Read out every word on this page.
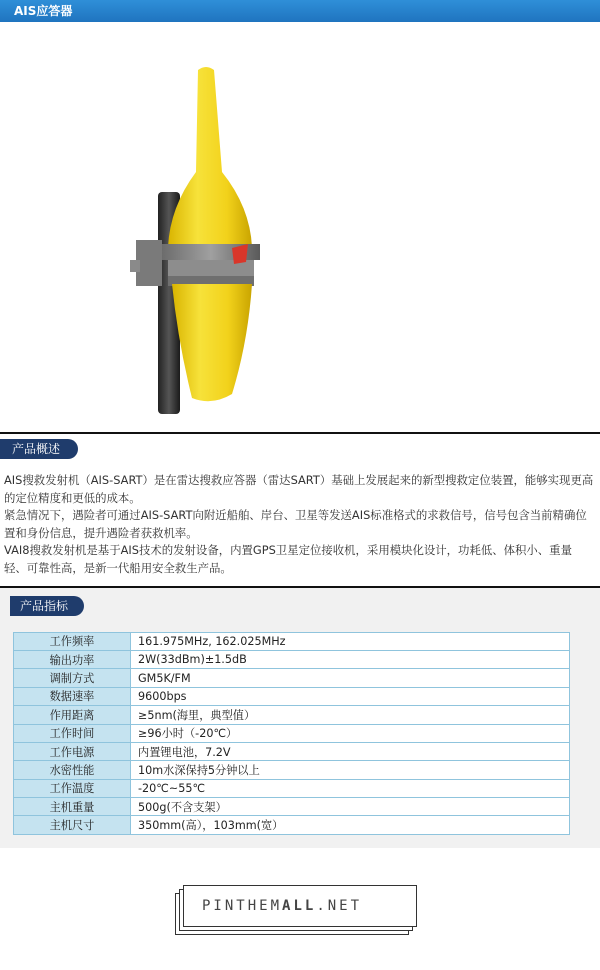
AIS应答器
产品概述

AIS搜救发射机（AIS-SART）是在雷达搜救应答器（雷达SART）基础上发展起来的新型搜救定位装置，能够实现更高的定位精度和更低的成本。

紧急情况下，遇险者可通过AIS-SART向附近船舶、岸台、卫星等发送AIS标准格式的求救信号，信号包含当前精确位置和身份信息，提升遇险者获救机率。

VAI8搜救发射机是基于AIS技术的发射设备，内置GPS卫星定位接收机，采用模块化设计，功耗低、体积小、重量轻、可靠性高，是新一代船用安全救生产品。

产品指标
工作频率	161.975MHz, 162.025MHz
输出功率	2W(33dBm)±1.5dB
调制方式	GM5K/FM
数据速率	9600bps
作用距离	≥5nm(海里，典型值）
工作时间	≥96小时（-20℃）
工作电源	内置锂电池，7.2V
水密性能	10m水深保持5分钟以上
工作温度	-20℃~55℃
主机重量	500g(不含支架）
主机尺寸	350mm(高），103mm(宽）
PINTHEMALL.NET
